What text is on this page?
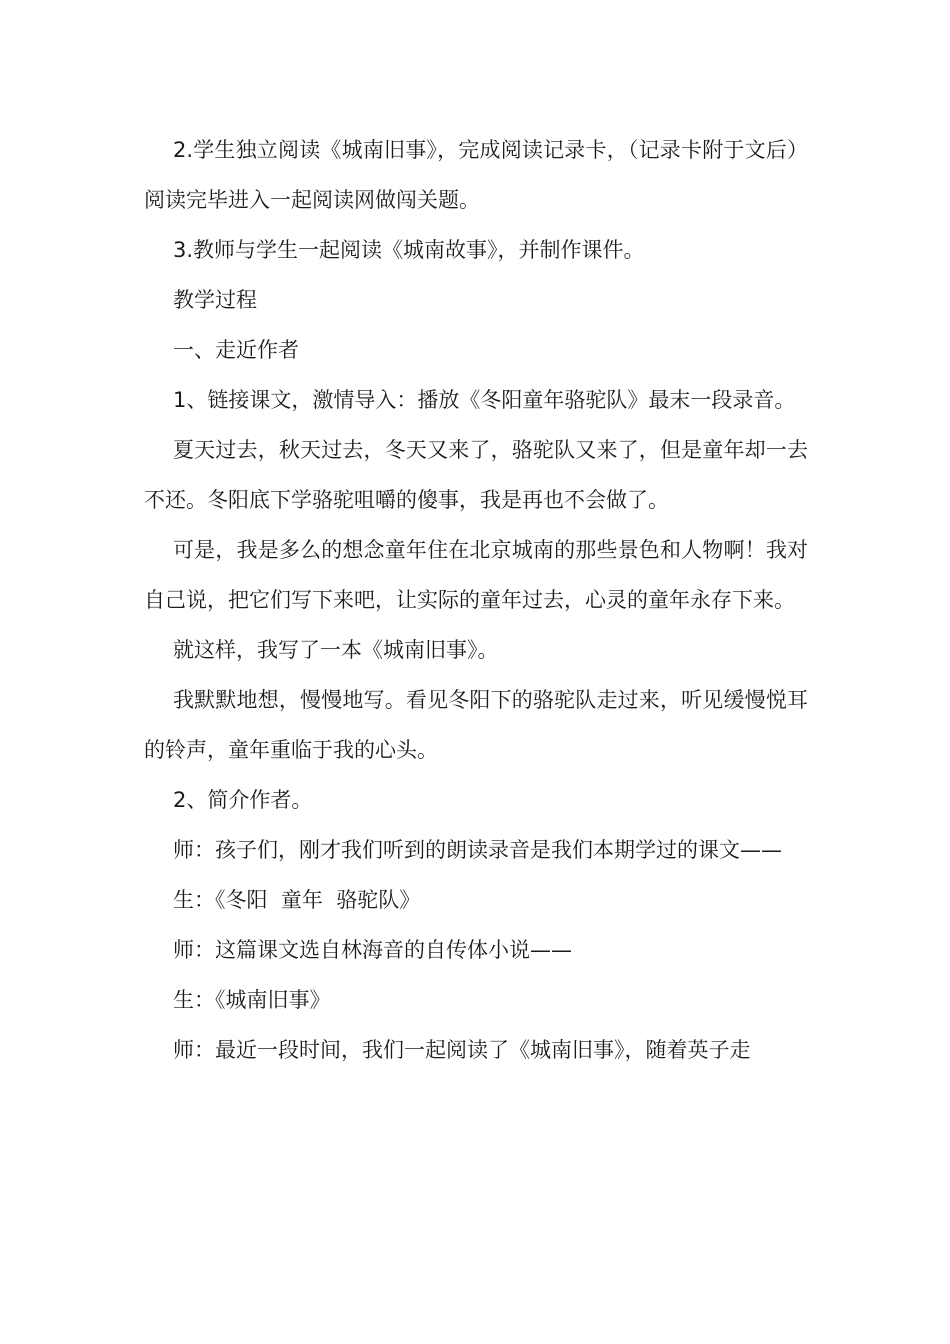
2.学生独立阅读《城南旧事》，完成阅读记录卡，（记录卡附于文后）阅读完毕进入一起阅读网做闯关题。

3.教师与学生一起阅读《城南故事》，并制作课件。

教学过程

一、走近作者

1、链接课文，激情导入：播放《冬阳童年骆驼队》最末一段录音。

夏天过去，秋天过去，冬天又来了，骆驼队又来了，但是童年却一去不还。冬阳底下学骆驼咀嚼的傻事，我是再也不会做了。

可是，我是多么的想念童年住在北京城南的那些景色和人物啊！我对自己说，把它们写下来吧，让实际的童年过去，心灵的童年永存下来。

就这样，我写了一本《城南旧事》。

我默默地想，慢慢地写。看见冬阳下的骆驼队走过来，听见缓慢悦耳的铃声，童年重临于我的心头。

2、简介作者。

师：孩子们，刚才我们听到的朗读录音是我们本期学过的课文——

生：《冬阳  童年  骆驼队》

师：这篇课文选自林海音的自传体小说——

生：《城南旧事》

师：最近一段时间，我们一起阅读了《城南旧事》，随着英子走
